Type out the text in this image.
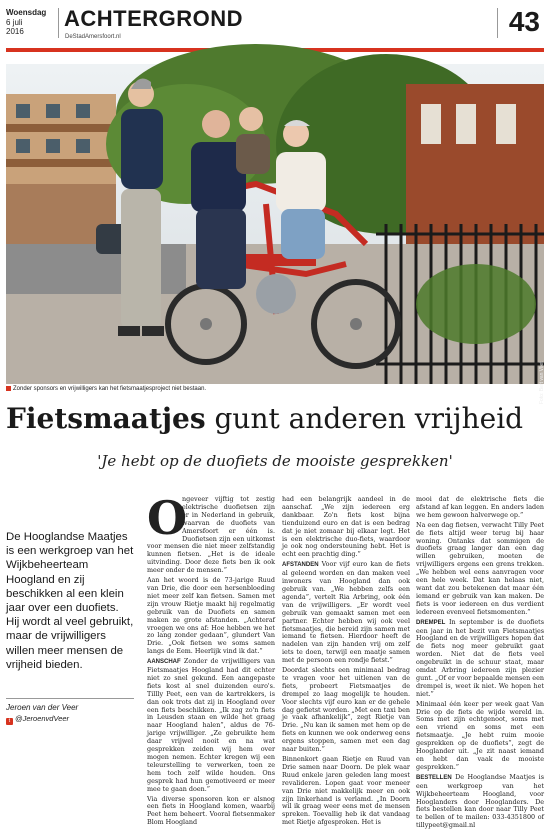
Woensdag
6 juli
2016
ACHTERGROND
DeStadAmersfoort.nl	43
Foto: Bert van Vliet
Zonder sponsors en vrijwilligers kan het fietsmaatjesproject niet bestaan.
Fietsmaatjes gunt anderen vrijheid
'Je hebt op de duofiets de mooiste gesprekken'
De Hooglandse Maatjes is een werkgroep van het Wijkbeheerteam Hoogland en zij beschikken al een klein jaar over een duofiets. Hij wordt al veel gebruikt, maar de vrijwilligers willen meer mensen de vrijheid bieden.
Jeroen van der Veer
t @JeroenvdVeer

O
ngeveer vijftig tot zestig elektrische duofietsen zijn er in Nederland in gebruik, waarvan de duofiets van Amersfoort er één is. Duofietsen zijn een uitkomst voor mensen die niet meer zelfstandig kunnen fietsen. „Het is de ideale uitvinding. Door deze fiets ben ik ook meer onder de mensen.”

Aan het woord is de 73-jarige Ruud van Drie, die door een hersenbloeding niet meer zelf kan fietsen. Samen met zijn vrouw Rietje maakt hij regelmatig gebruik van de Duofiets en samen maken ze grote afstanden. „Achteraf vroegen we ons af: Hoe hebben we het zo lang zonder gedaan”, glundert Van Drie. „Ook fietsen we soms samen langs de Eem. Heerlijk vind ik dat.”

AANSCHAF Zonder de vrijwilligers van Fietsmaatjes Hoogland had dit echter niet zo snel gekund. Een aangepaste fiets kost al snel duizenden euro's. Tillly Peet, een van de kartrekkers, is dan ook trots dat zij in Hoogland over een fiets beschikken. „Ik zag zo'n fiets in Leusden staan en wilde het graag naar Hoogland halen”, aldus de 76-jarige vrijwilliger. „Ze gebruikte hem daar vrijwel nooit en na wat gesprekken zeiden wij hem over mogen nemen. Echter kregen wij een teleurstelling te verwerken, toen ze hem toch zelf wilde houden. Ons gesprek had hun gemotiveerd er meer mee te gaan doen.”

Via diverse sponsoren kon er alsnog een fiets in Hoogland komen, waarbij Peet hem beheert. Vooral fietsenmaker Blom Hoogland

had een belangrijk aandeel in de aanschaf. „We zijn iedereen erg dankbaar. Zo'n fiets kost bijna tienduizend euro en dat is een bedrag dat je niet zomaar bij elkaar legt. Het is een elektrische duo-fiets, waardoor je ook nog ondersteuning hebt. Het is echt een prachtig ding.”

AFSTANDEN Voor vijf euro kan de fiets al geleend worden en dan maken veel inwoners van Hoogland dan ook gebruik van. „We hebben zelfs een agenda”, vertelt Ria Arbring, ook één van de vrijwilligers. „Er wordt veel gebruik van gemaakt samen met een partner. Echter hebben wij ook veel fietsmaatjes, die bereid zijn samen met iemand te fietsen. Hierdoor heeft de nadelen van zijn handen vrij om zelf iets te doen, terwijl een maatje samen met de persoon een rondje fietst.”

Doordat slechts een minimaal bedrag te vragen voor het uitlenen van de fiets, probeert Fietsmaatjes de drempel zo laag mogelijk te houden. Voor slechts vijf euro kan er de gehele dag gefietst worden. „Met een taxi ben je vaak afhankelijk”, zegt Rietje van Drie. „Nu kan ik samen met hem op de fiets en kunnen we ook onderweg eens ergens stoppen, samen met een dag naar buiten.”

Binnenkort gaan Rietje en Ruud van Drie samen naar Doorn. De plek waar Ruud enkele jaren geleden lang moest revalideren. Lopen gaat voor meneer van Drie niet makkelijk meer en ook zijn linkerhand is verlamd. „In Doorn wil ik graag weer eens met de mensen spreken. Toevallig heb ik dat vandaag met Rietje afgesproken. Het is

mooi dat de elektrische fiets die afstand af kan leggen. En anders laden we hem gewoon halverwege op.”

Na een dag fietsen, verwacht Tilly Peet de fiets altijd weer terug bij haar woning. Ontanks dat sommigen de duofiets graag langer dan een dag willen gebruiken, moeten de vrijwilligers ergens een grens trekken. „We hebben wel eens aanvragen voor een hele week. Dat kan helaas niet, want dat zou betekenen dat maar één iemand er gebruik van kan maken. De fiets is voor iedereen en dus verdient iedereen evenveel fietsmomenten.”

DREMPEL In september is de duofiets een jaar in het bezit van Fietsmaatjes Hoogland en de vrijwilligers hopen dat de fiets nog meer gebruikt gaat worden. Niet dat de fiets veel ongebruikt in de schuur staat, maar omdat Arbring iedereen zijn plezier gunt. „Of er voor bepaalde mensen een drempel is, weet ik niet. We hopen het niet.”

Minimaal één keer per week gaat Van Drie op de fiets de wijde wereld in. Soms met zijn echtgenoot, soms met een vriend en soms met een fietsmaatje. „Je hebt ruim mooie gesprekken op de duofiets”, zegt de Hooglander uit. „Je zit naast iemand en hebt dan vaak de mooiste gesprekken.”

BESTELLEN De Hooglandse Maatjes is een werkgroep van het Wijkbeheerteam Hoogland, voor Hooglanders door Hooglanders. De fiets bestellen kan door naar Tilly Peet te bellen of te mailen: 033-4351800 of tillypeet@gmail.nl
